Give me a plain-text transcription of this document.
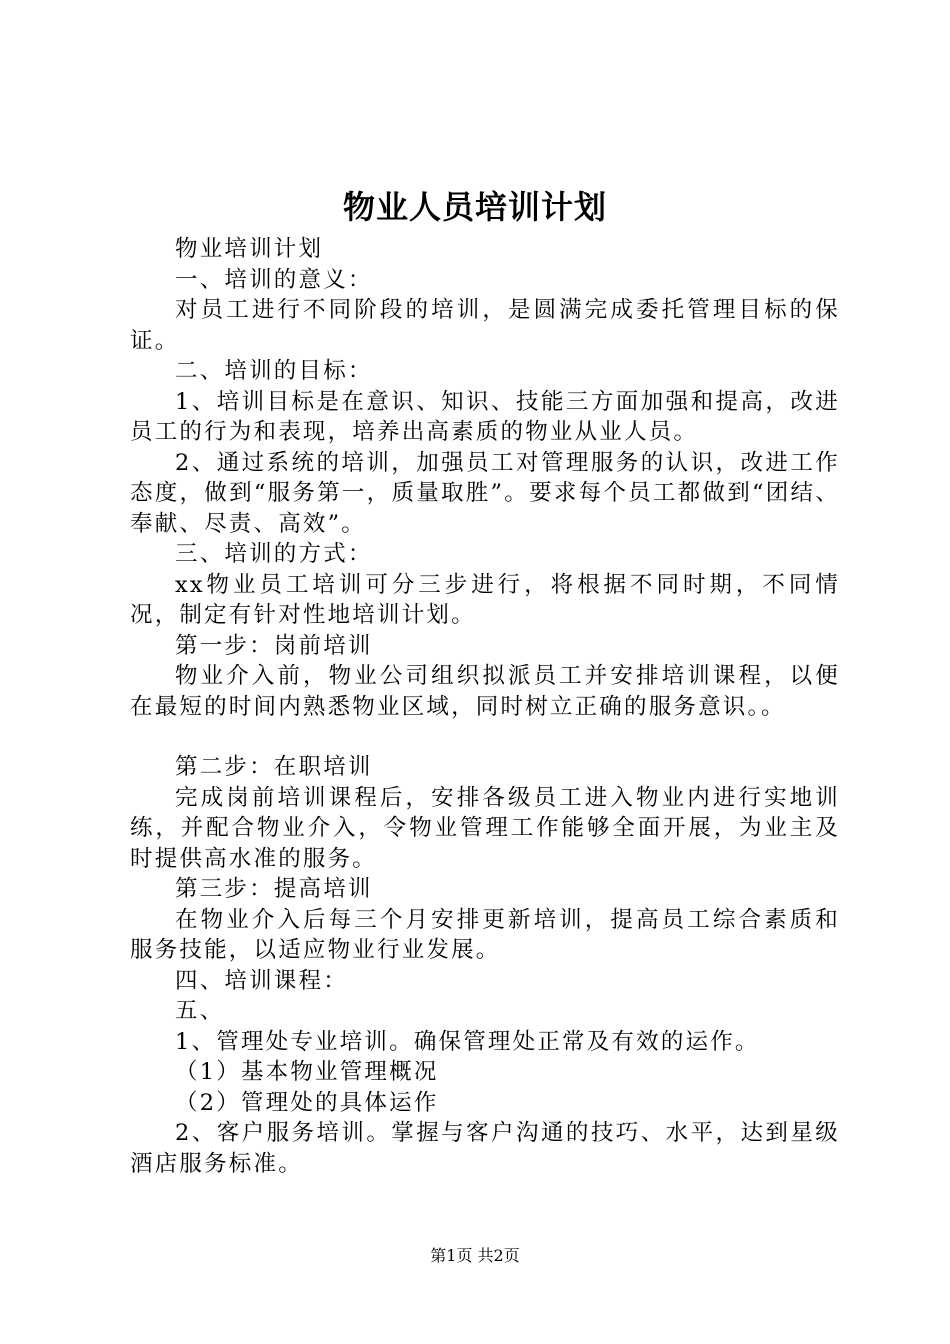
物业人员培训计划

物业培训计划

一、培训的意义：

对员工进行不同阶段的培训，是圆满完成委托管理目标的保证。

二、培训的目标：

1、培训目标是在意识、知识、技能三方面加强和提高，改进员工的行为和表现，培养出高素质的物业从业人员。

2、通过系统的培训，加强员工对管理服务的认识，改进工作态度，做到“服务第一，质量取胜”。要求每个员工都做到“团结、奉献、尽责、高效”。

三、培训的方式：

xx物业员工培训可分三步进行，将根据不同时期，不同情况，制定有针对性地培训计划。

第一步：岗前培训

物业介入前，物业公司组织拟派员工并安排培训课程，以便在最短的时间内熟悉物业区域，同时树立正确的服务意识。。

第二步：在职培训

完成岗前培训课程后，安排各级员工进入物业内进行实地训练，并配合物业介入，令物业管理工作能够全面开展，为业主及时提供高水准的服务。

第三步：提高培训

在物业介入后每三个月安排更新培训，提高员工综合素质和服务技能，以适应物业行业发展。

四、培训课程：

五、

1、管理处专业培训。确保管理处正常及有效的运作。

（1）基本物业管理概况

（2）管理处的具体运作

2、客户服务培训。掌握与客户沟通的技巧、水平，达到星级酒店服务标准。

第1页 共2页
